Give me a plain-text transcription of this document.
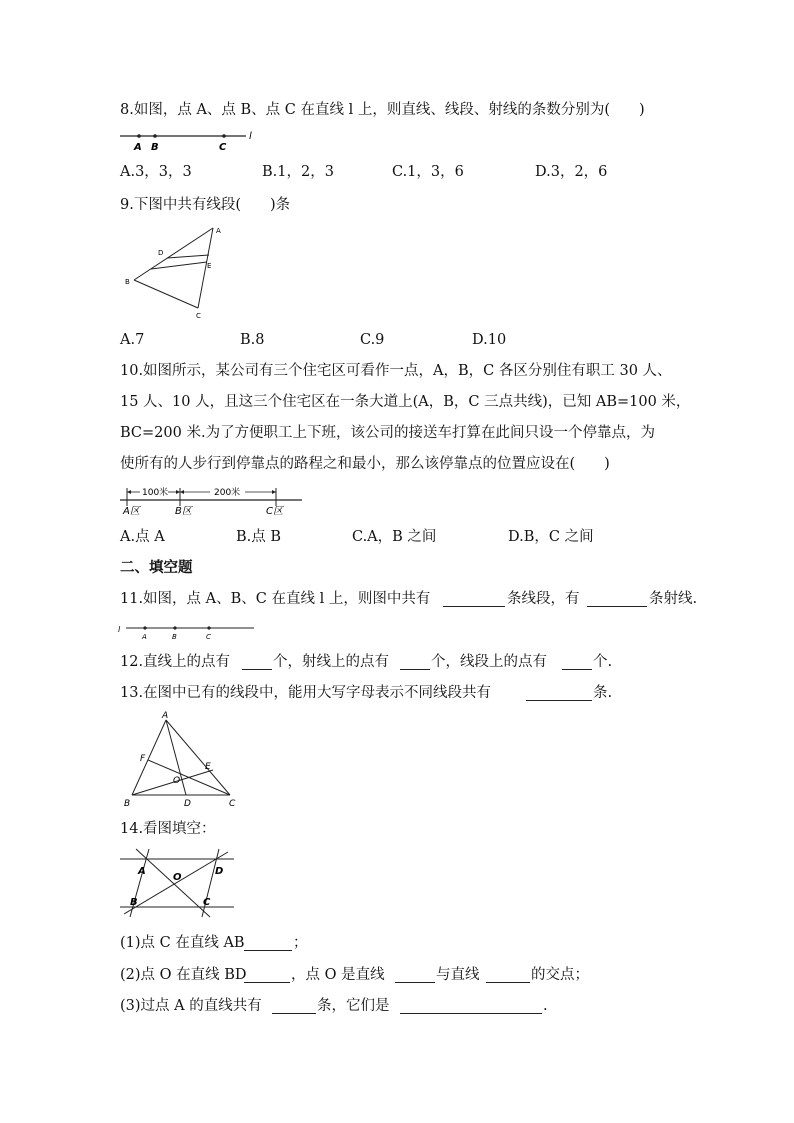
8.如图，点 A、点 B、点 C 在直线 l 上，则直线、线段、射线的条数分别为(　　)
A B	C
l
A.3，3，3	B.1，2，3	C.1，3，6	D.3，2，6
9.下图中共有线段(　　)条
A
D
E
B
C
A.7	B.8	C.9	D.10
10.如图所示，某公司有三个住宅区可看作一点，A，B，C 各区分别住有职工 30 人、
15 人、10 人，且这三个住宅区在一条大道上(A，B，C 三点共线)，已知 AB=100 米，
BC=200 米.为了方便职工上下班，该公司的接送车打算在此间只设一个停靠点，为
使所有的人步行到停靠点的路程之和最小，那么该停靠点的位置应设在(　　)
100米	200米
A区	B区	C区
A.点 A	B.点 B	C.A，B 之间	D.B，C 之间
二、填空题
11.如图，点 A、B、C 在直线 l 上，则图中共有	条线段，有	条射线.
l
A	B	C
12.直线上的点有	个，射线上的点有	个，线段上的点有	个.
13.在图中已有的线段中，能用大写字母表示不同线段共有	条.
A
F
E
O
B	D	C
14.看图填空：
A	D
O
B	C
(1)点 C 在直线 AB	；
(2)点 O 在直线 BD	，点 O 是直线	与直线	的交点；
(3)过点 A 的直线共有	条，它们是	.
